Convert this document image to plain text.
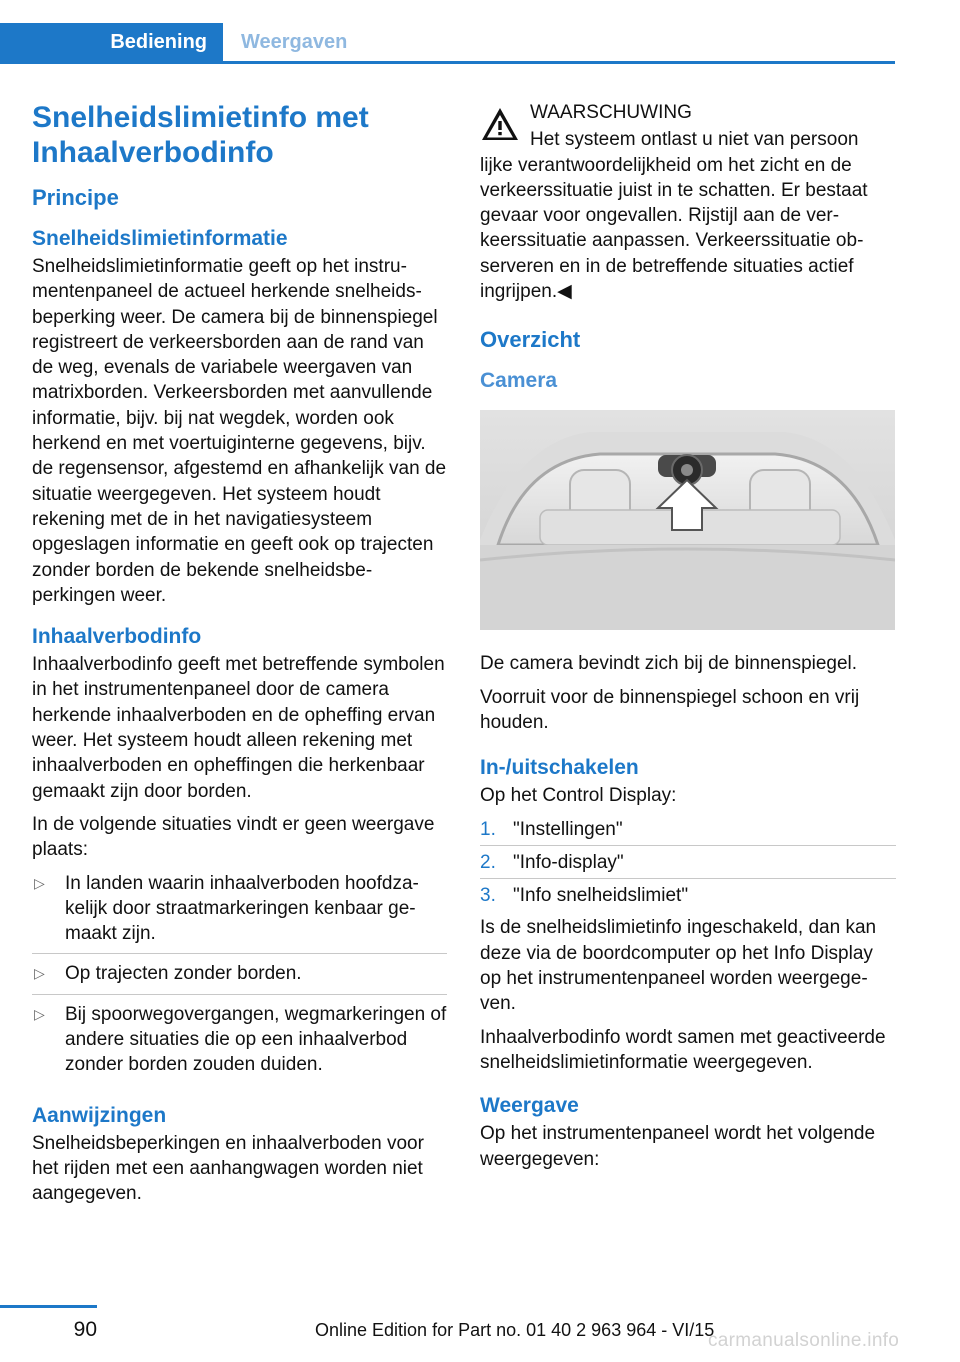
Bediening	Weergaven
Snelheidslimietinfo met Inhaalverbodinfo
Principe
Snelheidslimietinformatie

Snelheidslimietinformatie geeft op het instrumentenpaneel de actueel herkende snelheidsbeperking weer. De camera bij de binnenspiegel registreert de verkeersborden aan de rand van de weg, evenals de variabele weergaven van matrixborden. Verkeersborden met aanvullende informatie, bijv. bij nat wegdek, worden ook herkend en met voertuiginterne gegevens, bijv. de regensensor, afgestemd en afhankelijk van de situatie weergegeven. Het systeem houdt rekening met de in het navigatiesysteem opgeslagen informatie en geeft ook op trajecten zonder borden de bekende snelheidsbeperkingen weer.

Inhaalverbodinfo

Inhaalverbodinfo geeft met betreffende symbolen in het instrumentenpaneel door de camera herkende inhaalverboden en de opheffing ervan weer. Het systeem houdt alleen rekening met inhaalverboden en opheffingen die herkenbaar gemaakt zijn door borden.

In de volgende situaties vindt er geen weergave plaats:

▷ In landen waarin inhaalverboden hoofdzakelijk door straatmarkeringen kenbaar gemaakt zijn.
▷ Op trajecten zonder borden.
▷ Bij spoorwegovergangen, wegmarkeringen of andere situaties die op een inhaalverbod zonder borden zouden duiden.
Aanwijzingen

Snelheidsbeperkingen en inhaalverboden voor het rijden met een aanhangwagen worden niet aangegeven.

WAARSCHUWING

Het systeem ontlast u niet van persoon

lijke verantwoordelijkheid om het zicht en de verkeerssituatie juist in te schatten. Er bestaat gevaar voor ongevallen. Rijstijl aan de verkeerssituatie aanpassen. Verkeerssituatie observeren en in de betreffende situaties actief ingrijpen.◀

Overzicht
Camera

De camera bevindt zich bij de binnenspiegel.

Voorruit voor de binnenspiegel schoon en vrij houden.

In-/uitschakelen

Op het Control Display:

1. "Instellingen"
2. "Info-display"
3. "Info snelheidslimiet"

Is de snelheidslimietinfo ingeschakeld, dan kan deze via de boordcomputer op het Info Display op het instrumentenpaneel worden weergegeven.

Inhaalverbodinfo wordt samen met geactiveerde snelheidslimietinformatie weergegeven.

Weergave

Op het instrumentenpaneel wordt het volgende weergegeven:

90	Online Edition for Part no. 01 40 2 963 964 - VI/15
carmanualsonline.info
